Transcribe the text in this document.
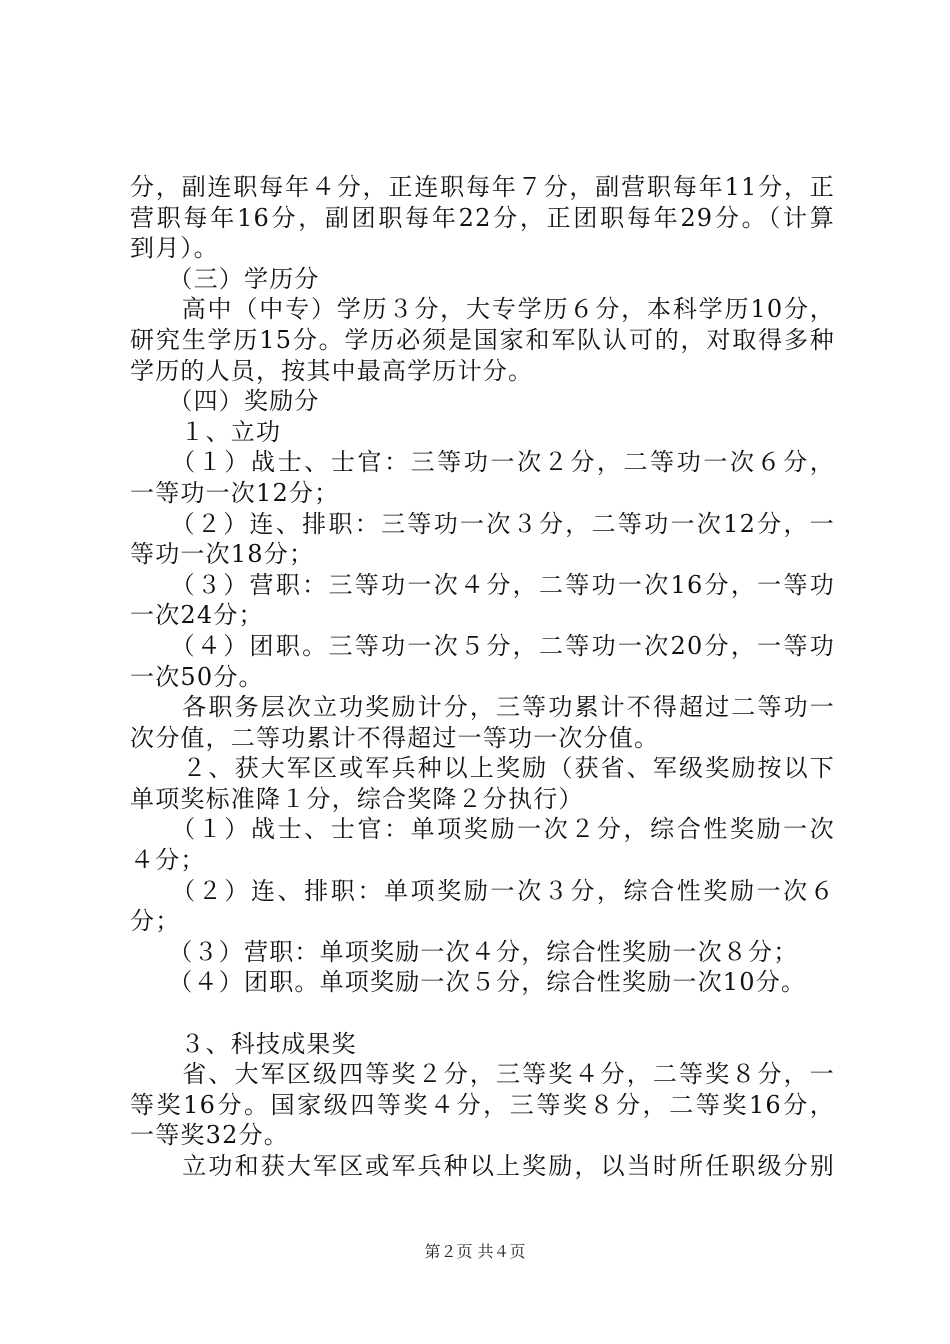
分，副连职每年４分，正连职每年７分，副营职每年11分，正
营职每年16分，副团职每年22分，正团职每年29分。（计算
到月）。
　　（三）学历分
　　高中（中专）学历３分，大专学历６分，本科学历10分，
研究生学历15分。学历必须是国家和军队认可的，对取得多种
学历的人员，按其中最高学历计分。
　　（四）奖励分
　　１、立功
　　（１）战士、士官：三等功一次２分，二等功一次６分，
一等功一次12分；
　　（２）连、排职：三等功一次３分，二等功一次12分，一
等功一次18分；
　　（３）营职：三等功一次４分，二等功一次16分，一等功
一次24分；
　　（４）团职。三等功一次５分，二等功一次20分，一等功
一次50分。
　　各职务层次立功奖励计分，三等功累计不得超过二等功一
次分值，二等功累计不得超过一等功一次分值。
　　２、获大军区或军兵种以上奖励（获省、军级奖励按以下
单项奖标准降１分，综合奖降２分执行）
　　（１）战士、士官：单项奖励一次２分，综合性奖励一次
４分；
　　（２）连、排职：单项奖励一次３分，综合性奖励一次６
分；
　　（３）营职：单项奖励一次４分，综合性奖励一次８分；
　　（４）团职。单项奖励一次５分，综合性奖励一次10分。
　　３、科技成果奖
　　省、大军区级四等奖２分，三等奖４分，二等奖８分，一
等奖16分。国家级四等奖４分，三等奖８分，二等奖16分，
一等奖32分。
　　立功和获大军区或军兵种以上奖励，以当时所任职级分别
第２页 共４页
